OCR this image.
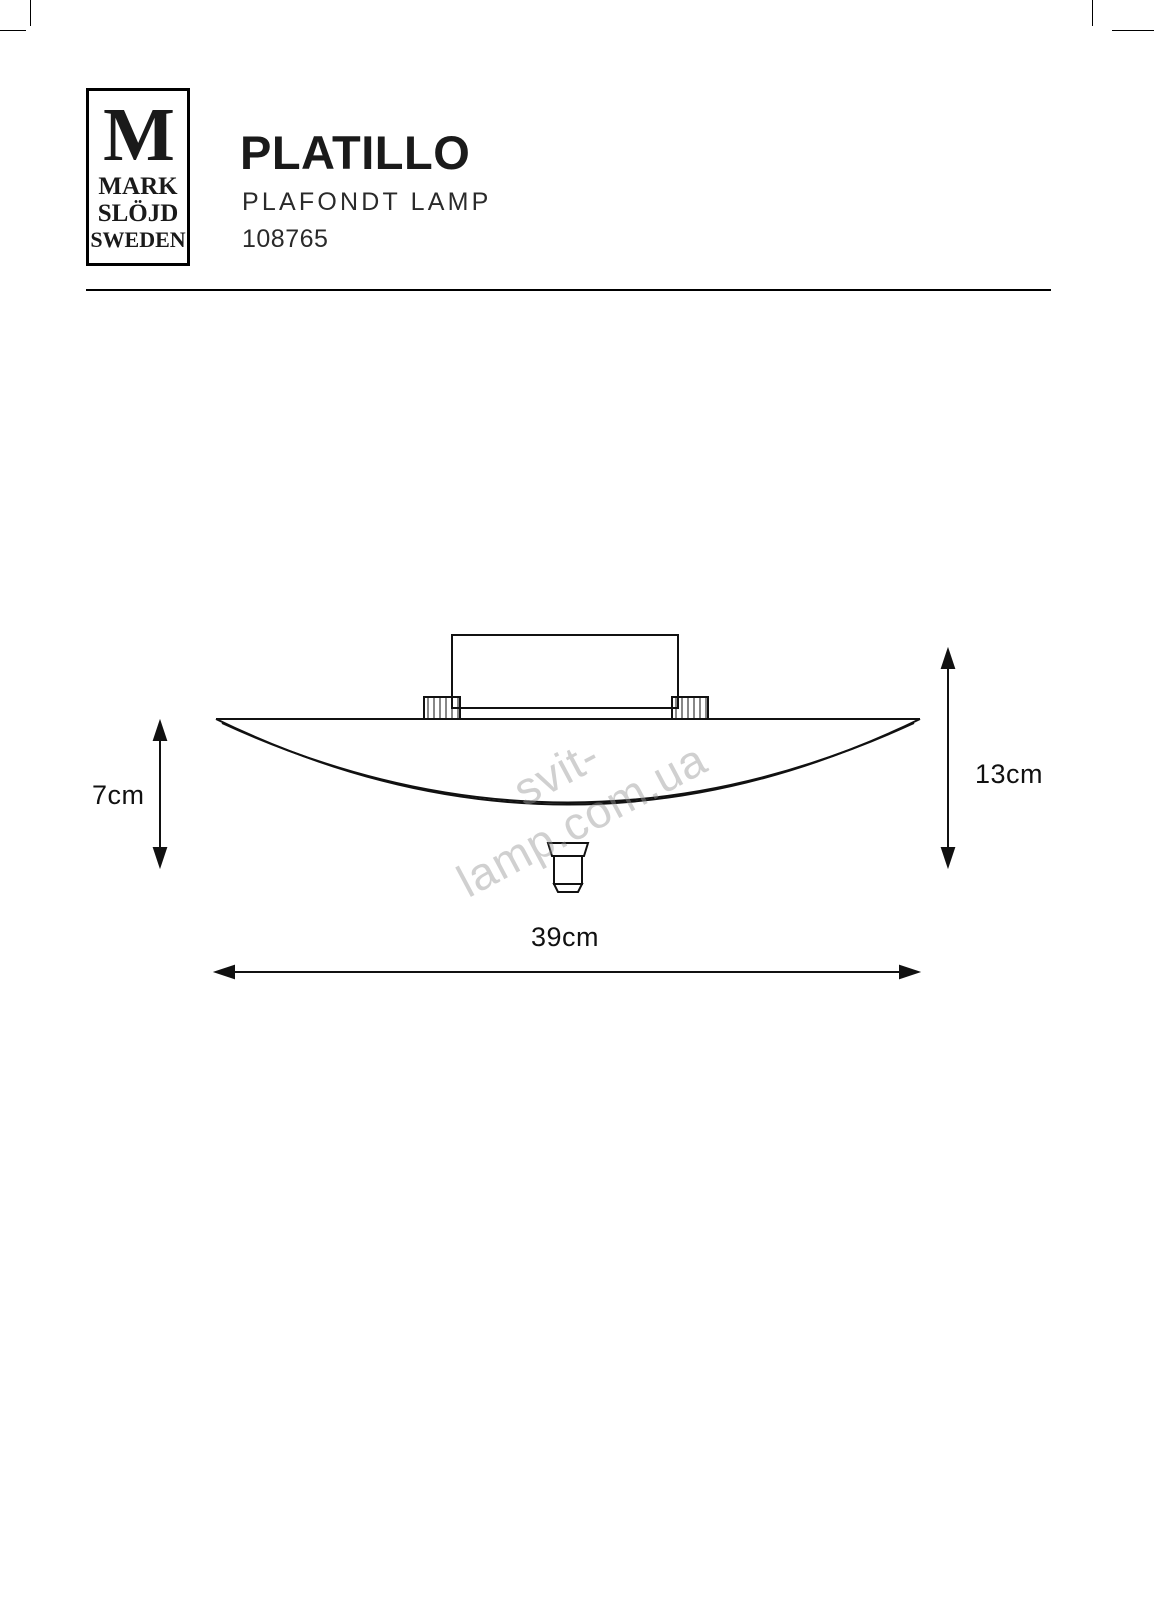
M
MARK
SLÖJD
SWEDEN
PLATILLO
PLAFONDT LAMP
108765
7cm
13cm
39cm
svit-lamp.com.ua
